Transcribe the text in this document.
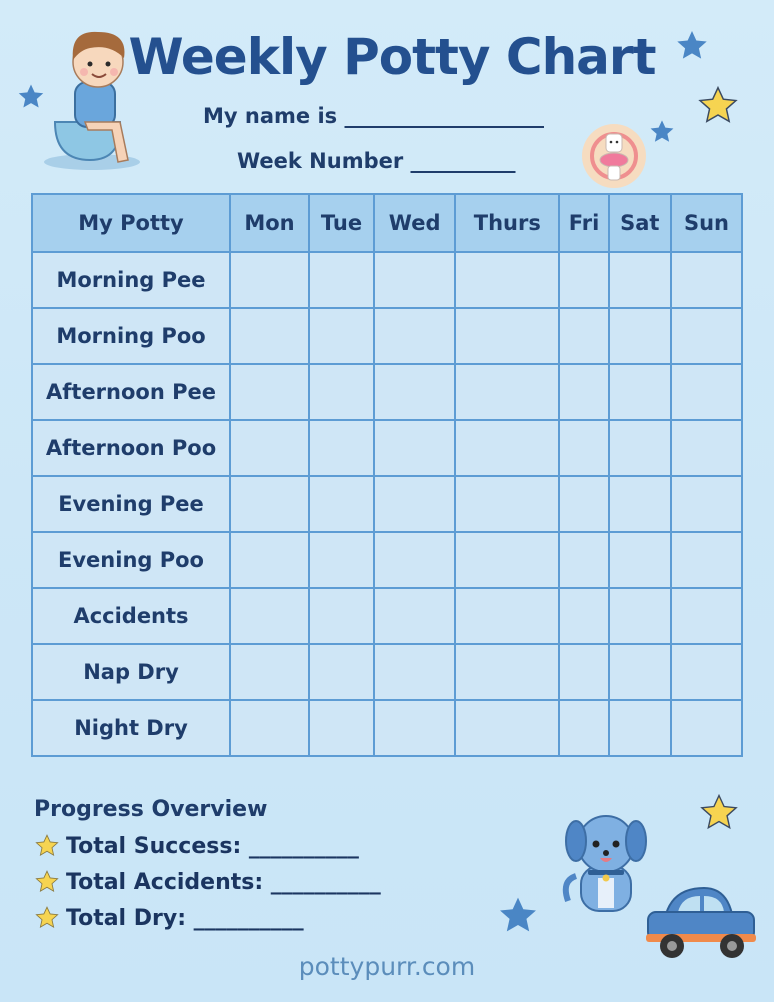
Weekly Potty Chart
My name is ___________________
Week Number __________
My Potty	Mon	Tue	Wed	Thurs	Fri	Sat	Sun
Morning Pee							
Morning Poo							
Afternoon Pee							
Afternoon Poo							
Evening Pee							
Evening Poo							
Accidents							
Nap Dry							
Night Dry							
Progress Overview
Total Success: __________
Total Accidents: __________
Total Dry: __________
pottypurr.com
